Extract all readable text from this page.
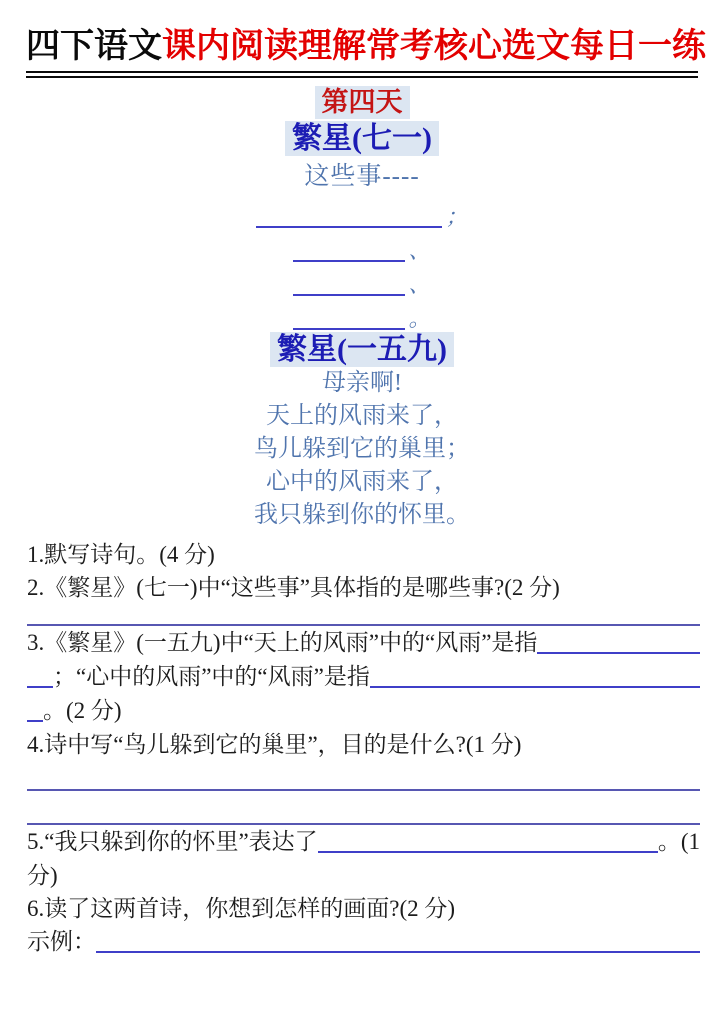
四下语文课内阅读理解常考核心选文每日一练
第四天
繁星(七一)
这些事----
；
、
、
。
繁星(一五九)
母亲啊!
天上的风雨来了，
鸟儿躲到它的巢里；
心中的风雨来了，
我只躲到你的怀里。

1.默写诗句。(4 分)

2.《繁星》(七一)中“这些事”具体指的是哪些事?(2 分)

3.《繁星》(一五九)中“天上的风雨”中的“风雨”是指
；“心中的风雨”中的“风雨”是指
。(2 分)

4.诗中写“鸟儿躲到它的巢里”，目的是什么?(1 分)

5.“我只躲到你的怀里”表达了	。(1

分)

6.读了这两首诗，你想到怎样的画面?(2 分)

示例：
